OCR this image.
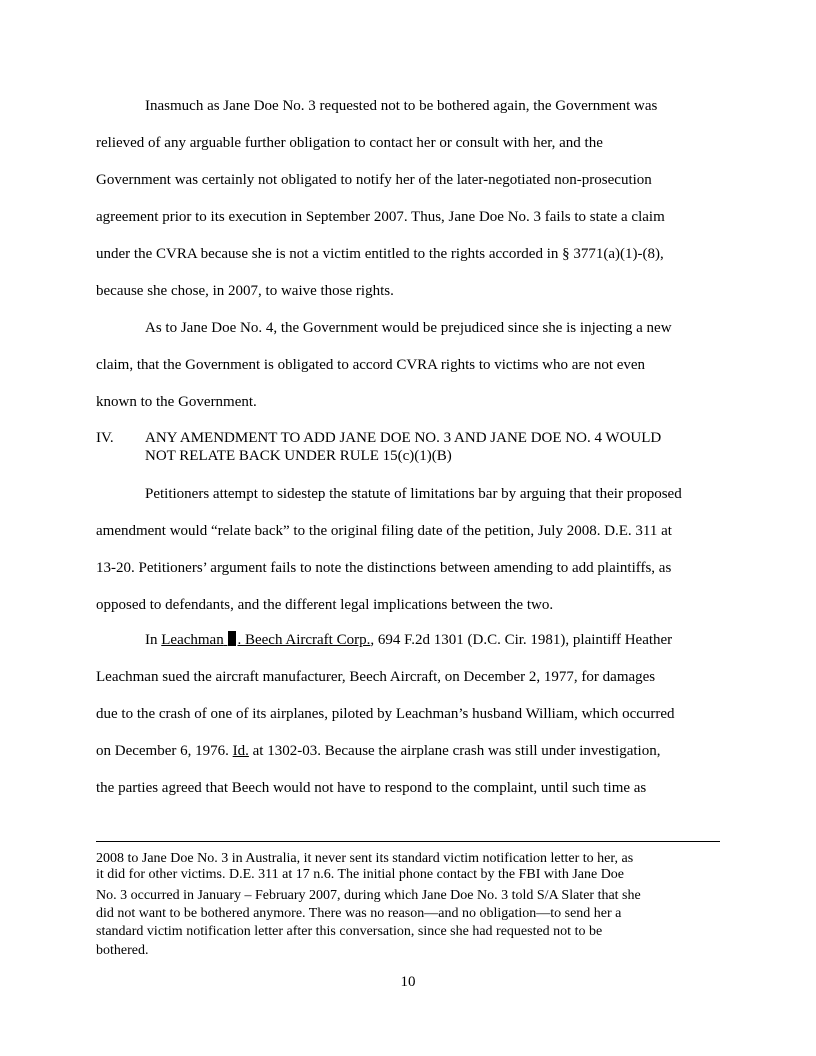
Inasmuch as Jane Doe No. 3 requested not to be bothered again, the Government was
relieved of any arguable further obligation to contact her or consult with her, and the
Government was certainly not obligated to notify her of the later-negotiated non-prosecution
agreement prior to its execution in September 2007. Thus, Jane Doe No. 3 fails to state a claim
under the CVRA because she is not a victim entitled to the rights accorded in § 3771(a)(1)-(8),
because she chose, in 2007, to waive those rights.
As to Jane Doe No. 4, the Government would be prejudiced since she is injecting a new
claim, that the Government is obligated to accord CVRA rights to victims who are not even
known to the Government.
IV. ANY AMENDMENT TO ADD JANE DOE NO. 3 AND JANE DOE NO. 4 WOULD
NOT RELATE BACK UNDER RULE 15(c)(1)(B)
Petitioners attempt to sidestep the statute of limitations bar by arguing that their proposed
amendment would “relate back” to the original filing date of the petition, July 2008. D.E. 311 at
13-20. Petitioners’ argument fails to note the distinctions between amending to add plaintiffs, as
opposed to defendants, and the different legal implications between the two.
In Leachman . Beech Aircraft Corp., 694 F.2d 1301 (D.C. Cir. 1981), plaintiff Heather
Leachman sued the aircraft manufacturer, Beech Aircraft, on December 2, 1977, for damages
due to the crash of one of its airplanes, piloted by Leachman’s husband William, which occurred
on December 6, 1976. Id. at 1302-03. Because the airplane crash was still under investigation,
the parties agreed that Beech would not have to respond to the complaint, until such time as
2008 to Jane Doe No. 3 in Australia, it never sent its standard victim notification letter to her, as
it did for other victims. D.E. 311 at 17 n.6. The initial phone contact by the FBI with Jane Doe
No. 3 occurred in January – February 2007, during which Jane Doe No. 3 told S/A Slater that she
did not want to be bothered anymore. There was no reason—and no obligation—to send her a
standard victim notification letter after this conversation, since she had requested not to be
bothered.
10
